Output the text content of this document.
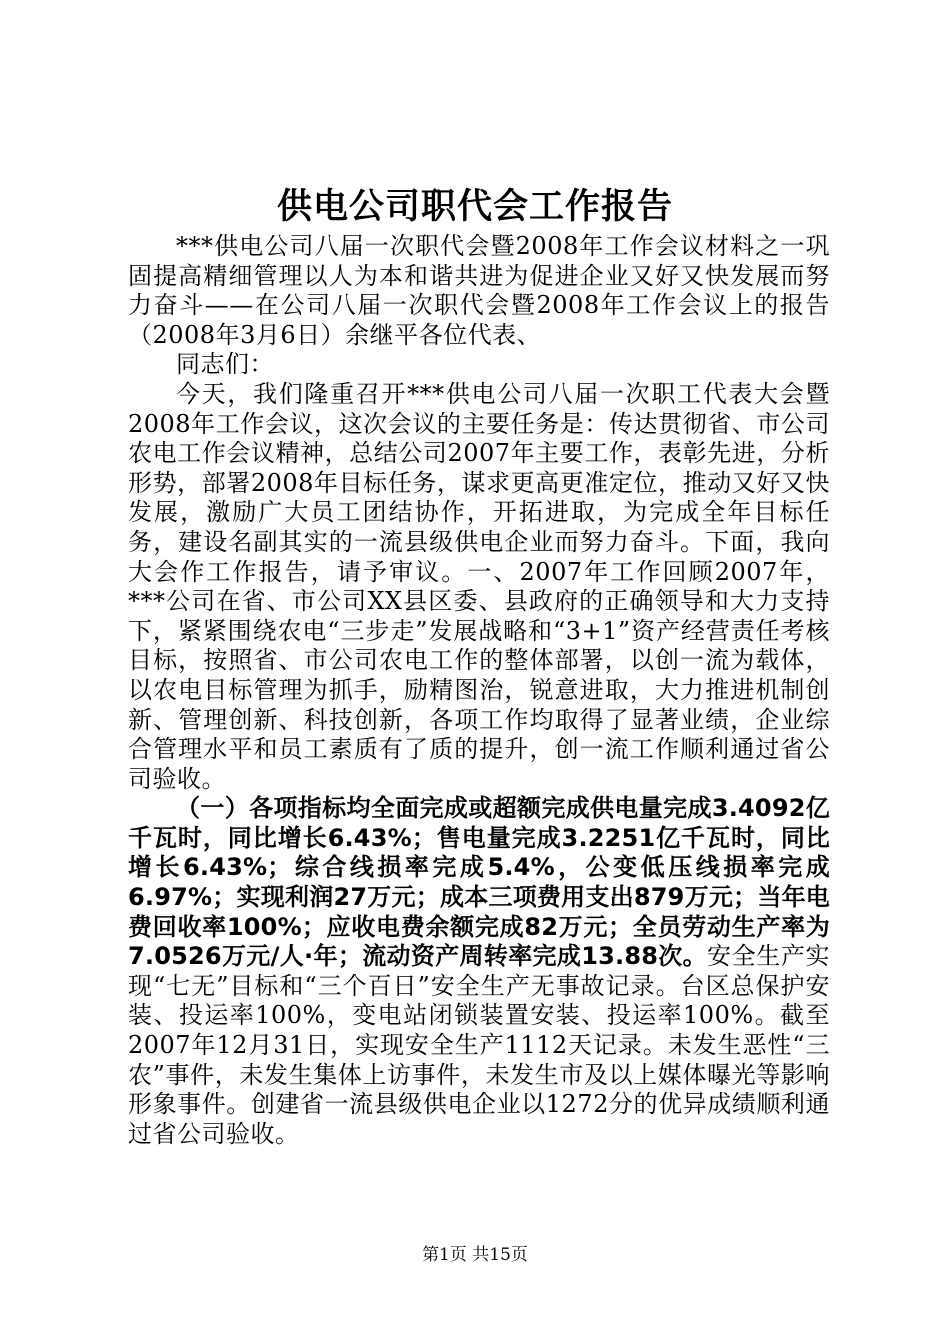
供电公司职代会工作报告

***供电公司八届一次职代会暨2008年工作会议材料之一巩固提高精细管理以人为本和谐共进为促进企业又好又快发展而努力奋斗——在公司八届一次职代会暨2008年工作会议上的报告（2008年3月6日）余继平各位代表、

同志们：

今天，我们隆重召开***供电公司八届一次职工代表大会暨2008年工作会议，这次会议的主要任务是：传达贯彻省、市公司农电工作会议精神，总结公司2007年主要工作，表彰先进，分析形势，部署2008年目标任务，谋求更高更准定位，推动又好又快发展，激励广大员工团结协作，开拓进取，为完成全年目标任务，建设名副其实的一流县级供电企业而努力奋斗。下面，我向大会作工作报告，请予审议。一、2007年工作回顾2007年，***公司在省、市公司XX县区委、县政府的正确领导和大力支持下，紧紧围绕农电“三步走”发展战略和“3+1”资产经营责任考核目标，按照省、市公司农电工作的整体部署，以创一流为载体，以农电目标管理为抓手，励精图治，锐意进取，大力推进机制创新、管理创新、科技创新，各项工作均取得了显著业绩，企业综合管理水平和员工素质有了质的提升，创一流工作顺利通过省公司验收。

（一）各项指标均全面完成或超额完成供电量完成3.4092亿千瓦时，同比增长6.43%；售电量完成3.2251亿千瓦时，同比增长6.43%；综合线损率完成5.4%，公变低压线损率完成6.97%；实现利润27万元；成本三项费用支出879万元；当年电费回收率100%；应收电费余额完成82万元；全员劳动生产率为7.0526万元/人·年；流动资产周转率完成13.88次。安全生产实现“七无”目标和“三个百日”安全生产无事故记录。台区总保护安装、投运率100%，变电站闭锁装置安装、投运率100%。截至2007年12月31日，实现安全生产1112天记录。未发生恶性“三农”事件，未发生集体上访事件，未发生市及以上媒体曝光等影响形象事件。创建省一流县级供电企业以1272分的优异成绩顺利通过省公司验收。

第1页 共15页
